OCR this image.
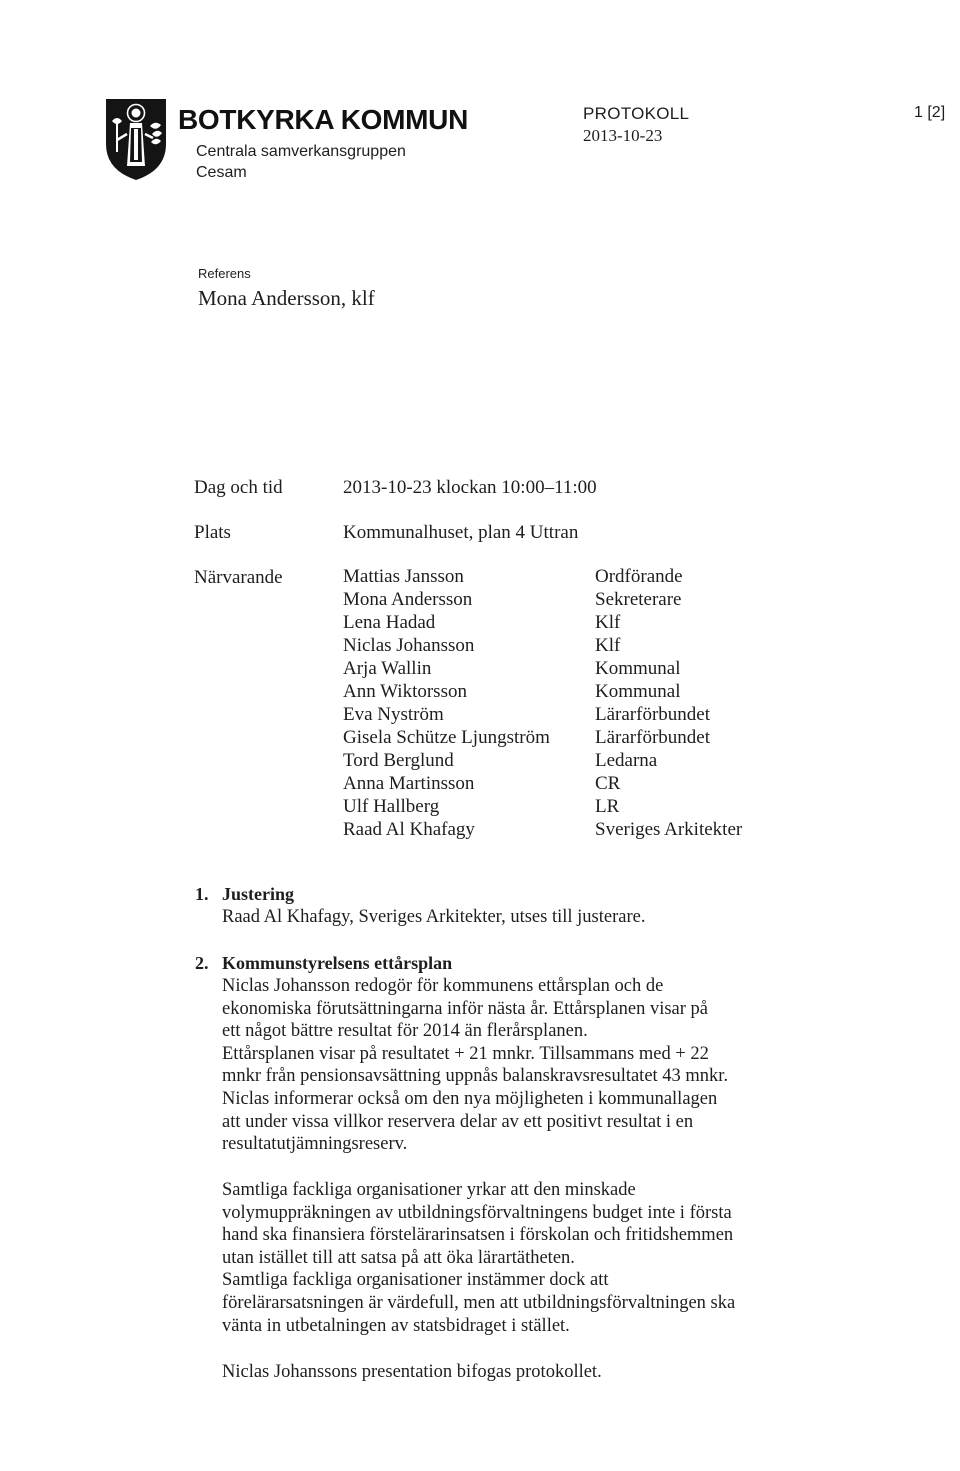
BOTKYRKA KOMMUN
Centrala samverkansgruppen
Cesam
PROTOKOLL
2013-10-23
1 [2]
Referens
Mona Andersson, klf
Dag och tid	2013-10-23 klockan 10:00–11:00
Plats	Kommunalhuset, plan 4 Uttran
Närvarande	Mattias Jansson	Ordförande
Mona Andersson	Sekreterare
Lena Hadad	Klf
Niclas Johansson	Klf
Arja Wallin	Kommunal
Ann Wiktorsson	Kommunal
Eva Nyström	Lärarförbundet
Gisela Schütze Ljungström Lärarförbundet
Tord Berglund	Ledarna
Anna Martinsson	CR
Ulf Hallberg	LR
Raad Al Khafagy	Sveriges Arkitekter
1. Justering
Raad Al Khafagy, Sveriges Arkitekter, utses till justerare.
2. Kommunstyrelsens ettårsplan
Niclas Johansson redogör för kommunens ettårsplan och de
ekonomiska förutsättningarna inför nästa år. Ettårsplanen visar på
ett något bättre resultat för 2014 än flerårsplanen.
Ettårsplanen visar på resultatet + 21 mnkr. Tillsammans med + 22
mnkr från pensionsavsättning uppnås balanskravsresultatet 43 mnkr.
Niclas informerar också om den nya möjligheten i kommunallagen
att under vissa villkor reservera delar av ett positivt resultat i en
resultatutjämningsreserv.
Samtliga fackliga organisationer yrkar att den minskade
volymuppräkningen av utbildningsförvaltningens budget inte i första
hand ska finansiera förstelärarinsatsen i förskolan och fritidshemmen
utan istället till att satsa på att öka lärartätheten.
Samtliga fackliga organisationer instämmer dock att
förelärarsatsningen är värdefull, men att utbildningsförvaltningen ska
vänta in utbetalningen av statsbidraget i stället.
Niclas Johanssons presentation bifogas protokollet.
